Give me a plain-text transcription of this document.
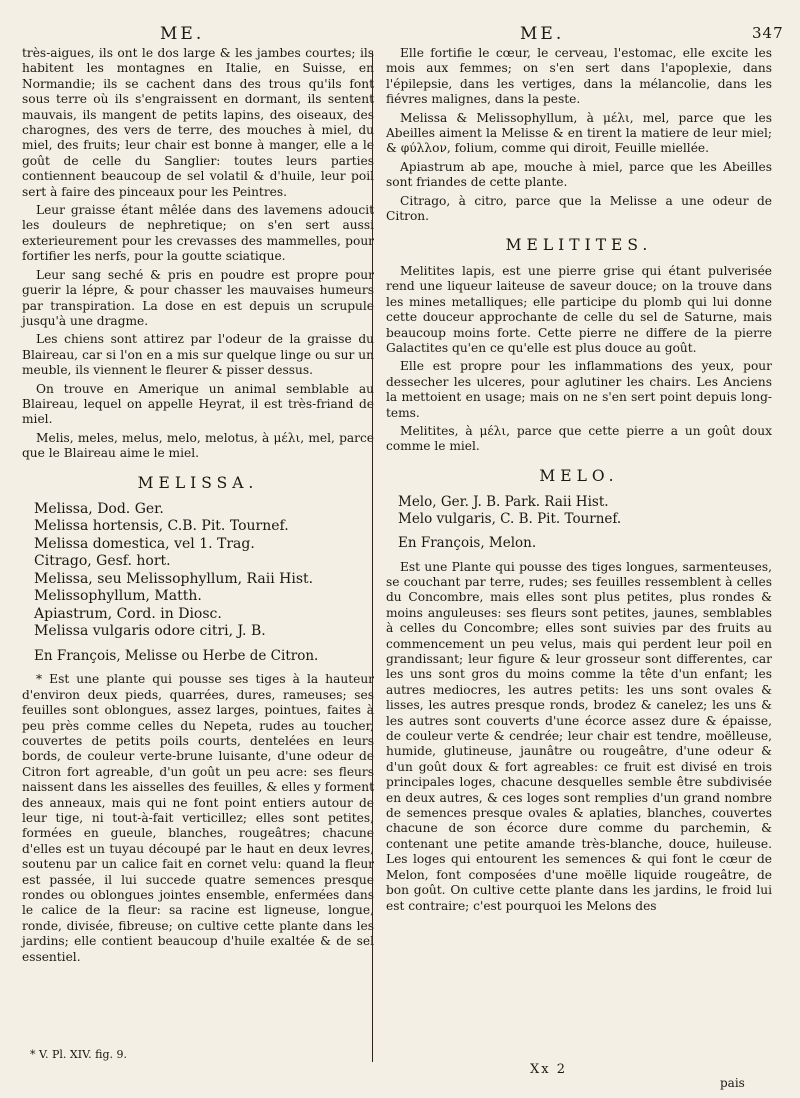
ME.	ME.	347

très-aigues, ils ont le dos large & les jambes courtes; ils habitent les montagnes en Italie, en Suisse, en Normandie; ils se cachent dans des trous qu'ils font sous terre où ils s'engraissent en dormant, ils sentent mauvais, ils mangent de petits lapins, des oiseaux, des charognes, des vers de terre, des mouches à miel, du miel, des fruits; leur chair est bonne à manger, elle a le goût de celle du Sanglier: toutes leurs parties contiennent beaucoup de sel volatil & d'huile, leur poil sert à faire des pinceaux pour les Peintres.

Leur graisse étant mêlée dans des lavemens adoucit les douleurs de nephretique; on s'en sert aussi exterieurement pour les crevasses des mammelles, pour fortifier les nerfs, pour la goutte sciatique.

Leur sang seché & pris en poudre est propre pour guerir la lépre, & pour chasser les mauvaises humeurs par transpiration. La dose en est depuis un scrupule jusqu'à une dragme.

Les chiens sont attirez par l'odeur de la graisse du Blaireau, car si l'on en a mis sur quelque linge ou sur un meuble, ils viennent le fleurer & pisser dessus.

On trouve en Amerique un animal semblable au Blaireau, lequel on appelle Heyrat, il est très-friand de miel.

Melis, meles, melus, melo, melotus, à μέλι, mel, parce que le Blaireau aime le miel.

MELISSA.
Melissa, Dod. Ger.
Melissa hortensis, C.B. Pit. Tournef.
Melissa domestica, vel 1. Trag.
Citrago, Gesf. hort.
Melissa, seu Melissophyllum, Raii Hist.
Melissophyllum, Matth.
Apiastrum, Cord. in Diosc.
Melissa vulgaris odore citri, J. B.
En François, Melisse ou Herbe de Citron.

* Est une plante qui pousse ses tiges à la hauteur d'environ deux pieds, quarrées, dures, rameuses; ses feuilles sont oblongues, assez larges, pointues, faites à peu près comme celles du Nepeta, rudes au toucher, couvertes de petits poils courts, dentelées en leurs bords, de couleur verte-brune luisante, d'une odeur de Citron fort agreable, d'un goût un peu acre: ses fleurs naissent dans les aisselles des feuilles, & elles y forment des anneaux, mais qui ne font point entiers autour de leur tige, ni tout-à-fait verticillez; elles sont petites, formées en gueule, blanches, rougeâtres; chacune d'elles est un tuyau découpé par le haut en deux levres, soutenu par un calice fait en cornet velu: quand la fleur est passée, il lui succede quatre semences presque rondes ou oblongues jointes ensemble, enfermées dans le calice de la fleur: sa racine est ligneuse, longue, ronde, divisée, fibreuse; on cultive cette plante dans les jardins; elle contient beaucoup d'huile exaltée & de sel essentiel.

Elle fortifie le cœur, le cerveau, l'estomac, elle excite les mois aux femmes; on s'en sert dans l'apoplexie, dans l'épilepsie, dans les vertiges, dans la mélancolie, dans les fiévres malignes, dans la peste.

Melissa & Melissophyllum, à μέλι, mel, parce que les Abeilles aiment la Melisse & en tirent la matiere de leur miel; & φύλλον, folium, comme qui diroit, Feuille miellée.

Apiastrum ab ape, mouche à miel, parce que les Abeilles sont friandes de cette plante.

Citrago, à citro, parce que la Melisse a une odeur de Citron.

MELITITES.

Melitites lapis, est une pierre grise qui étant pulverisée rend une liqueur laiteuse de saveur douce; on la trouve dans les mines metalliques; elle participe du plomb qui lui donne cette douceur approchante de celle du sel de Saturne, mais beaucoup moins forte. Cette pierre ne differe de la pierre Galactites qu'en ce qu'elle est plus douce au goût.

Elle est propre pour les inflammations des yeux, pour dessecher les ulceres, pour aglutiner les chairs. Les Anciens la mettoient en usage; mais on ne s'en sert point depuis long-tems.

Melitites, à μέλι, parce que cette pierre a un goût doux comme le miel.

MELO.
Melo, Ger. J. B. Park. Raii Hist.
Melo vulgaris, C. B. Pit. Tournef.
En François, Melon.

Est une Plante qui pousse des tiges longues, sarmenteuses, se couchant par terre, rudes; ses feuilles ressemblent à celles du Concombre, mais elles sont plus petites, plus rondes & moins anguleuses: ses fleurs sont petites, jaunes, semblables à celles du Concombre; elles sont suivies par des fruits au commencement un peu velus, mais qui perdent leur poil en grandissant; leur figure & leur grosseur sont differentes, car les uns sont gros du moins comme la tête d'un enfant; les autres mediocres, les autres petits: les uns sont ovales & lisses, les autres presque ronds, brodez & canelez; les uns & les autres sont couverts d'une écorce assez dure & épaisse, de couleur verte & cendrée; leur chair est tendre, moëlleuse, humide, glutineuse, jaunâtre ou rougeâtre, d'une odeur & d'un goût doux & fort agreables: ce fruit est divisé en trois principales loges, chacune desquelles semble être subdivisée en deux autres, & ces loges sont remplies d'un grand nombre de semences presque ovales & aplaties, blanches, couvertes chacune de son écorce dure comme du parchemin, & contenant une petite amande très-blanche, douce, huileuse. Les loges qui entourent les semences & qui font le cœur de Melon, font composées d'une moëlle liquide rougeâtre, de bon goût. On cultive cette plante dans les jardins, le froid lui est contraire; c'est pourquoi les Melons des

* V. Pl. XIV. fig. 9.
Xx 2
pais
